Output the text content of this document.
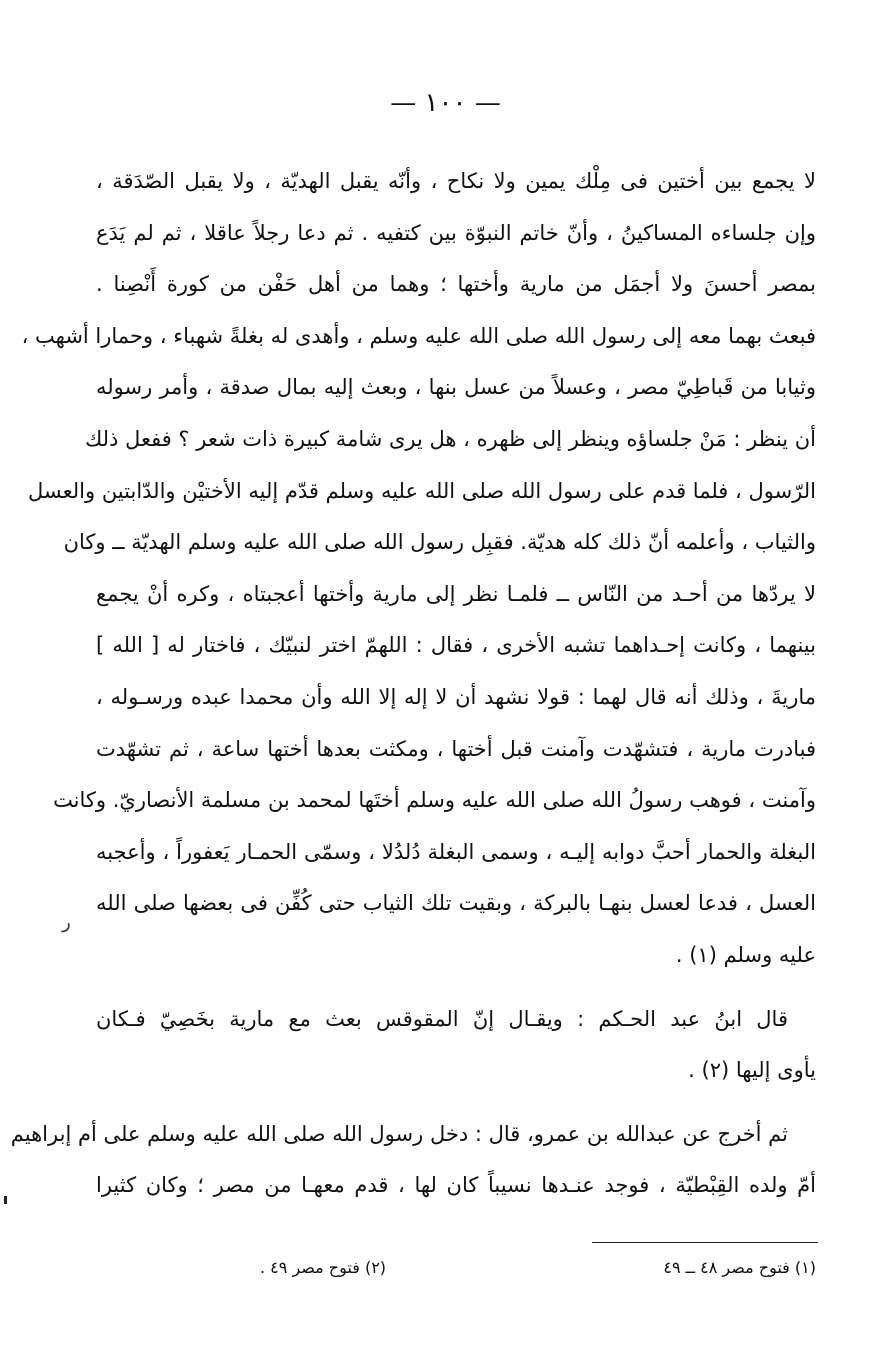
— ١٠٠ —
لا يجمع بين أختين فى مِلْك يمين ولا نكاح ، وأنّه يقبل الهديّة ، ولا يقبل الصّدَقة ،
وإن جلساءه المساكينُ ، وأنّ خاتم النبوّة بين كتفيه . ثم دعا رجلاً عاقلا ، ثم لم يَدَع
بمصر أحسنَ ولا أجمَل من مارية وأختها ؛ وهما من أهل حَفْن من كورة أَنْصِنا .
فبعث بهما معه إلى رسول الله صلى الله عليه وسلم ، وأهدى له بغلةً شهباء ، وحمارا أشهب ،
وثيابا من قَباطِيّ مصر ، وعسلاً من عسل بنها ، وبعث إليه بمال صدقة ، وأمر رسوله
أن ينظر : مَنْ جلساؤه وينظر إلى ظهره ، هل يرى شامة كبيرة ذات شعر ؟ ففعل ذلك
الرّسول ، فلما قدم على رسول الله صلى الله عليه وسلم قدّم إليه الأختيْن والدّابتين والعسل
والثياب ، وأعلمه أنّ ذلك كله هديّة. فقبِل رسول الله صلى الله عليه وسلم الهديّة ــ وكان
لا يردّها من أحـد من النّاس ــ فلمـا نظر إلى مارية وأختها أعجبتاه ، وكره أنْ يجمع
بينهما ، وكانت إحـداهما تشبه الأخرى ، فقال : اللهمّ اختر لنبيّك ، فاختار له [ الله ]
ماريةَ ، وذلك أنه قال لهما : قولا نشهد أن لا إله إلا الله وأن محمدا عبده ورسـوله ،
فبادرت مارية ، فتشهّدت وآمنت قبل أختها ، ومكثت بعدها أختها ساعة ، ثم تشهّدت
وآمنت ، فوهب رسولُ الله صلى الله عليه وسلم أختَها لمحمد بن مسلمة الأنصاريّ. وكانت
البغلة والحمار أحبَّ دوابه إليـه ، وسمى البغلة دُلدُلا ، وسمّى الحمـار يَعفوراً ، وأعجبه
العسل ، فدعا لعسل بنهـا بالبركة ، وبقيت تلك الثياب حتى كُفِّن فى بعضها صلى الله
عليه وسلم (١) .
قال ابنُ عبد الحـكم : ويقـال إنّ المقوقس بعث مع مارية بخَصِيّ فـكان
يأوى إليها (٢) .
ثم أخرج عن عبدالله بن عمرو، قال : دخل رسول الله صلى الله عليه وسلم على أم إبراهيم
أمّ ولده القِبْطيّة ، فوجد عنـدها نسيباً كان لها ، قدم معهـا من مصر ؛ وكان كثيرا
(١) فتوح مصر ٤٨ ــ ٤٩
(٢) فتوح مصر ٤٩ .
ر
